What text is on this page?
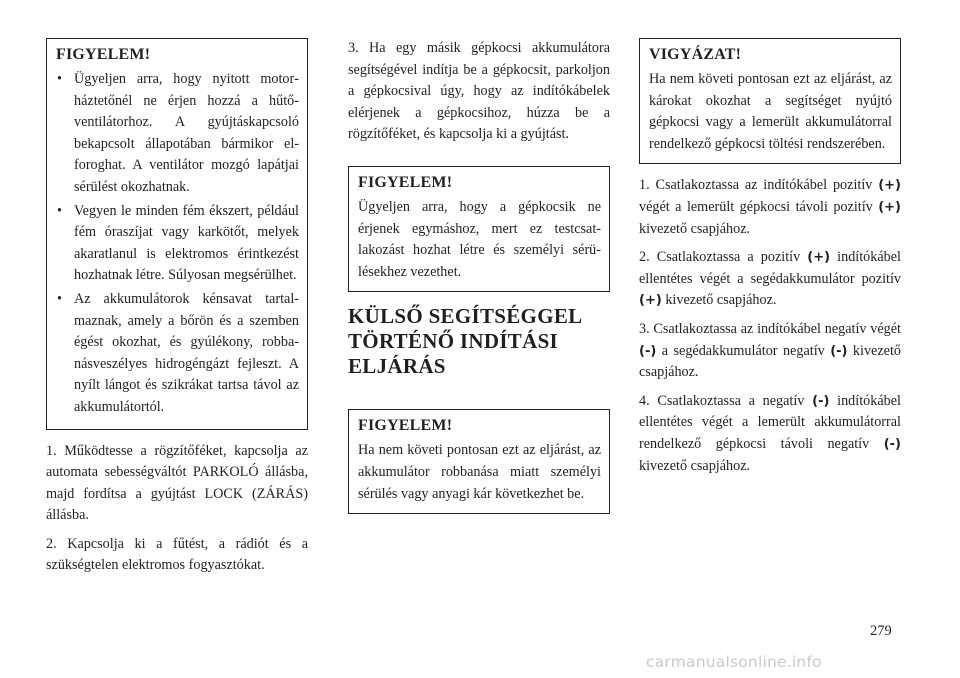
FIGYELEM!
• Ügyeljen arra, hogy nyitott motorháztetőnél ne érjen hozzá a hűtőventilátorhoz. A gyújtáskapcsoló bekapcsolt állapotában bármikor elforoghat. A ventilátor mozgó lapátjai sérülést okozhatnak.
• Vegyen le minden fém ékszert, például fém óraszíjat vagy karkötőt, melyek akaratlanul is elektromos érintkezést hozhatnak létre. Súlyosan megsérülhet.
• Az akkumulátorok kénsavat tartalmaznak, amely a bőrön és a szemben égést okozhat, és gyúlékony, robbanásveszélyes hidrogéngázt fejleszt. A nyílt lángot és szikrákat tartsa távol az akkumulátortól.

1. Működtesse a rögzítőféket, kapcsolja az automata sebességváltót PARKOLÓ állásba, majd fordítsa a gyújtást LOCK (ZÁRÁS) állásba.

2. Kapcsolja ki a fűtést, a rádiót és a szükségtelen elektromos fogyasztókat.

3. Ha egy másik gépkocsi akkumulátora segítségével indítja be a gépkocsit, parkoljon a gépkocsival úgy, hogy az indítókábelek elérjenek a gépkocsihoz, húzza be a rögzítőféket, és kapcsolja ki a gyújtást.

FIGYELEM!

Ügyeljen arra, hogy a gépkocsik ne érjenek egymáshoz, mert ez testcsatlakozást hozhat létre és személyi sérülésekhez vezethet.

KÜLSŐ SEGÍTSÉGGEL TÖRTÉNŐ INDÍTÁSI ELJÁRÁS
FIGYELEM!

Ha nem követi pontosan ezt az eljárást, az akkumulátor robbanása miatt személyi sérülés vagy anyagi kár következhet be.

VIGYÁZAT!

Ha nem követi pontosan ezt az eljárást, az károkat okozhat a segítséget nyújtó gépkocsi vagy a lemerült akkumulátorral rendelkező gépkocsi töltési rendszerében.

1. Csatlakoztassa az indítókábel pozitív (+) végét a lemerült gépkocsi távoli pozitív (+) kivezető csapjához.

2. Csatlakoztassa a pozitív (+) indítókábel ellentétes végét a segédakkumulátor pozitív (+) kivezető csapjához.

3. Csatlakoztassa az indítókábel negatív végét (-) a segédakkumulátor negatív (-) kivezető csapjához.

4. Csatlakoztassa a negatív (-) indítókábel ellentétes végét a lemerült akkumulátorral rendelkező gépkocsi távoli negatív (-) kivezető csapjához.

279
carmanualsonline.info
